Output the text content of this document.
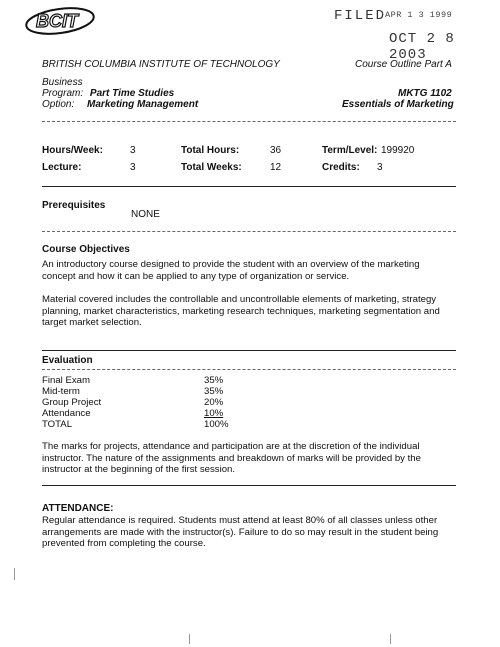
BCIT	FILED
APR 1 3 1999
OCT 2 8 2003
BRITISH COLUMBIA INSTITUTE OF TECHNOLOGY	Course Outline Part A
Business
Program: Part Time Studies
Option: Marketing Management
MKTG 1102
Essentials of Marketing
Hours/Week:	3	Total Hours:	36	Term/Level: 199920
Lecture:	3	Total Weeks:	12	Credits: 3
Prerequisites
NONE
Course Objectives
An introductory course designed to provide the student with an overview of the marketing
concept and how it can be applied to any type of organization or service.
Material covered includes the controllable and uncontrollable elements of marketing, strategy
planning, market characteristics, marketing research techniques, marketing segmentation and
target market selection.
Evaluation
Final Exam	35%
Mid-term	35%
Group Project	20%
Attendance	10%
TOTAL	100%
The marks for projects, attendance and participation are at the discretion of the individual
instructor. The nature of the assignments and breakdown of marks will be provided by the
instructor at the beginning of the first session.
ATTENDANCE:
Regular attendance is required. Students must attend at least 80% of all classes unless other
arrangements are made with the instructor(s). Failure to do so may result in the student being
prevented from completing the course.
